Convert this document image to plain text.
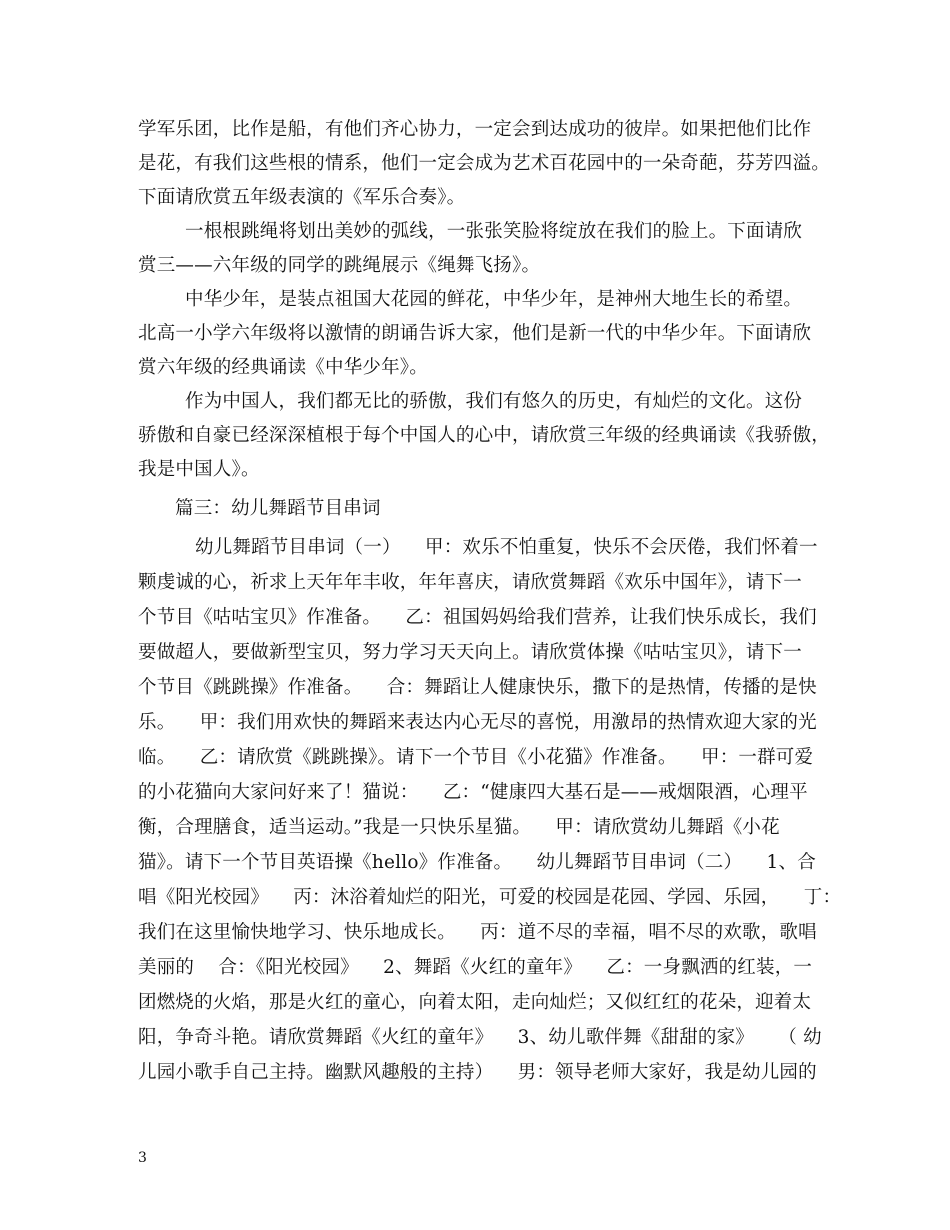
学军乐团，比作是船，有他们齐心协力，一定会到达成功的彼岸。如果把他们比作
是花，有我们这些根的情系，他们一定会成为艺术百花园中的一朵奇葩，芬芳四溢。
下面请欣赏五年级表演的《军乐合奏》。
一根根跳绳将划出美妙的弧线，一张张笑脸将绽放在我们的脸上。下面请欣
赏三——六年级的同学的跳绳展示《绳舞飞扬》。
中华少年，是装点祖国大花园的鲜花，中华少年，是神州大地生长的希望。
北高一小学六年级将以激情的朗诵告诉大家，他们是新一代的中华少年。下面请欣
赏六年级的经典诵读《中华少年》。
作为中国人，我们都无比的骄傲，我们有悠久的历史，有灿烂的文化。这份
骄傲和自豪已经深深植根于每个中国人的心中，请欣赏三年级的经典诵读《我骄傲，
我是中国人》。
篇三：幼儿舞蹈节目串词
幼儿舞蹈节目串词（一）    甲：欢乐不怕重复，快乐不会厌倦，我们怀着一
颗虔诚的心，祈求上天年年丰收，年年喜庆，请欣赏舞蹈《欢乐中国年》，请下一
个节目《咕咕宝贝》作准备。    乙：祖国妈妈给我们营养，让我们快乐成长，我们
要做超人，要做新型宝贝，努力学习天天向上。请欣赏体操《咕咕宝贝》，请下一
个节目《跳跳操》作准备。    合：舞蹈让人健康快乐，撒下的是热情，传播的是快
乐。    甲：我们用欢快的舞蹈来表达内心无尽的喜悦，用激昂的热情欢迎大家的光
临。    乙：请欣赏《跳跳操》。请下一个节目《小花猫》作准备。    甲：一群可爱
的小花猫向大家问好来了！猫说：    乙：“健康四大基石是——戒烟限酒，心理平
衡，合理膳食，适当运动。”我是一只快乐星猫。    甲：请欣赏幼儿舞蹈《小花
猫》。请下一个节目英语操《hello》作准备。    幼儿舞蹈节目串词（二）    1、合
唱《阳光校园》    丙：沐浴着灿烂的阳光，可爱的校园是花园、学园、乐园，    丁：
我们在这里愉快地学习、快乐地成长。    丙：道不尽的幸福，唱不尽的欢歌，歌唱
美丽的    合：《阳光校园》    2、舞蹈《火红的童年》    乙：一身飘洒的红装，一
团燃烧的火焰，那是火红的童心，向着太阳，走向灿烂；又似红红的花朵，迎着太
阳，争奇斗艳。请欣赏舞蹈《火红的童年》    3、幼儿歌伴舞《甜甜的家》    （ 幼
儿园小歌手自己主持。幽默风趣般的主持）    男：领导老师大家好，我是幼儿园的
3
